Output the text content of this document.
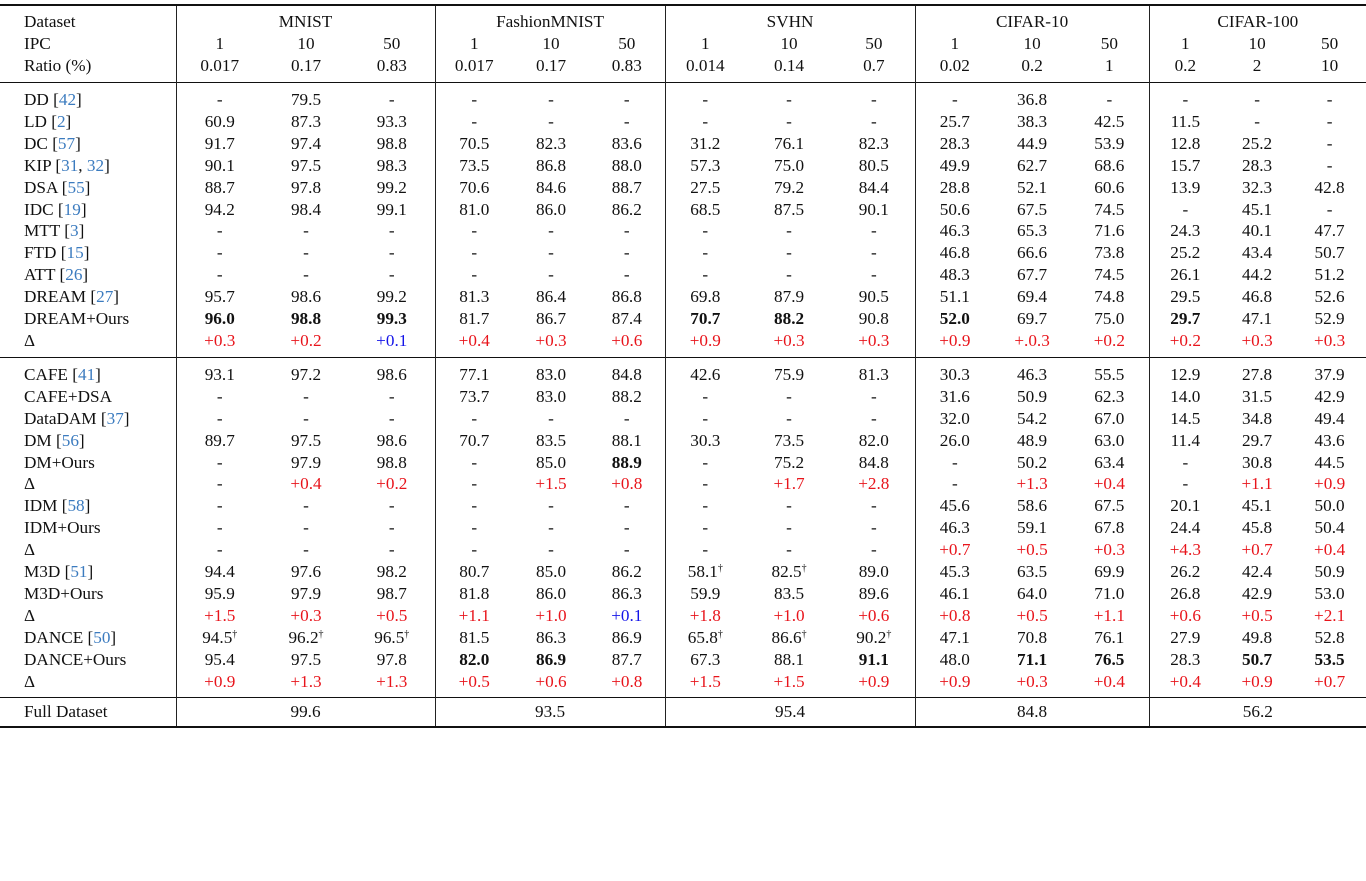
Dataset	MNIST			FashionMNIST			SVHN			CIFAR-10			CIFAR-100		
IPC	1	10	50	1	10	50	1	10	50	1	10	50	1	10	50
Ratio (%)	0.017	0.17	0.83	0.017	0.17	0.83	0.014	0.14	0.7	0.02	0.2	1	0.2	2	10
DD [42]	-	79.5	-	-	-	-	-	-	-	-	36.8	-	-	-	-
LD [2]	60.9	87.3	93.3	-	-	-	-	-	-	25.7	38.3	42.5	11.5	-	-
DC [57]	91.7	97.4	98.8	70.5	82.3	83.6	31.2	76.1	82.3	28.3	44.9	53.9	12.8	25.2	-
KIP [31, 32]	90.1	97.5	98.3	73.5	86.8	88.0	57.3	75.0	80.5	49.9	62.7	68.6	15.7	28.3	-
DSA [55]	88.7	97.8	99.2	70.6	84.6	88.7	27.5	79.2	84.4	28.8	52.1	60.6	13.9	32.3	42.8
IDC [19]	94.2	98.4	99.1	81.0	86.0	86.2	68.5	87.5	90.1	50.6	67.5	74.5	-	45.1	-
MTT [3]	-	-	-	-	-	-	-	-	-	46.3	65.3	71.6	24.3	40.1	47.7
FTD [15]	-	-	-	-	-	-	-	-	-	46.8	66.6	73.8	25.2	43.4	50.7
ATT [26]	-	-	-	-	-	-	-	-	-	48.3	67.7	74.5	26.1	44.2	51.2
DREAM [27]	95.7	98.6	99.2	81.3	86.4	86.8	69.8	87.9	90.5	51.1	69.4	74.8	29.5	46.8	52.6
DREAM+Ours	96.0	98.8	99.3	81.7	86.7	87.4	70.7	88.2	90.8	52.0	69.7	75.0	29.7	47.1	52.9
Δ	+0.3	+0.2	+0.1	+0.4	+0.3	+0.6	+0.9	+0.3	+0.3	+0.9	+.0.3	+0.2	+0.2	+0.3	+0.3
CAFE [41]	93.1	97.2	98.6	77.1	83.0	84.8	42.6	75.9	81.3	30.3	46.3	55.5	12.9	27.8	37.9
CAFE+DSA	-	-	-	73.7	83.0	88.2	-	-	-	31.6	50.9	62.3	14.0	31.5	42.9
DataDAM [37]	-	-	-	-	-	-	-	-	-	32.0	54.2	67.0	14.5	34.8	49.4
DM [56]	89.7	97.5	98.6	70.7	83.5	88.1	30.3	73.5	82.0	26.0	48.9	63.0	11.4	29.7	43.6
DM+Ours	-	97.9	98.8	-	85.0	88.9	-	75.2	84.8	-	50.2	63.4	-	30.8	44.5
Δ	-	+0.4	+0.2	-	+1.5	+0.8	-	+1.7	+2.8	-	+1.3	+0.4	-	+1.1	+0.9
IDM [58]	-	-	-	-	-	-	-	-	-	45.6	58.6	67.5	20.1	45.1	50.0
IDM+Ours	-	-	-	-	-	-	-	-	-	46.3	59.1	67.8	24.4	45.8	50.4
Δ	-	-	-	-	-	-	-	-	-	+0.7	+0.5	+0.3	+4.3	+0.7	+0.4
M3D [51]	94.4	97.6	98.2	80.7	85.0	86.2	58.1†	82.5†	89.0	45.3	63.5	69.9	26.2	42.4	50.9
M3D+Ours	95.9	97.9	98.7	81.8	86.0	86.3	59.9	83.5	89.6	46.1	64.0	71.0	26.8	42.9	53.0
Δ	+1.5	+0.3	+0.5	+1.1	+1.0	+0.1	+1.8	+1.0	+0.6	+0.8	+0.5	+1.1	+0.6	+0.5	+2.1
DANCE [50]	94.5†	96.2†	96.5†	81.5	86.3	86.9	65.8†	86.6†	90.2†	47.1	70.8	76.1	27.9	49.8	52.8
DANCE+Ours	95.4	97.5	97.8	82.0	86.9	87.7	67.3	88.1	91.1	48.0	71.1	76.5	28.3	50.7	53.5
Δ	+0.9	+1.3	+1.3	+0.5	+0.6	+0.8	+1.5	+1.5	+0.9	+0.9	+0.3	+0.4	+0.4	+0.9	+0.7
Full Dataset	99.6			93.5			95.4			84.8			56.2		
